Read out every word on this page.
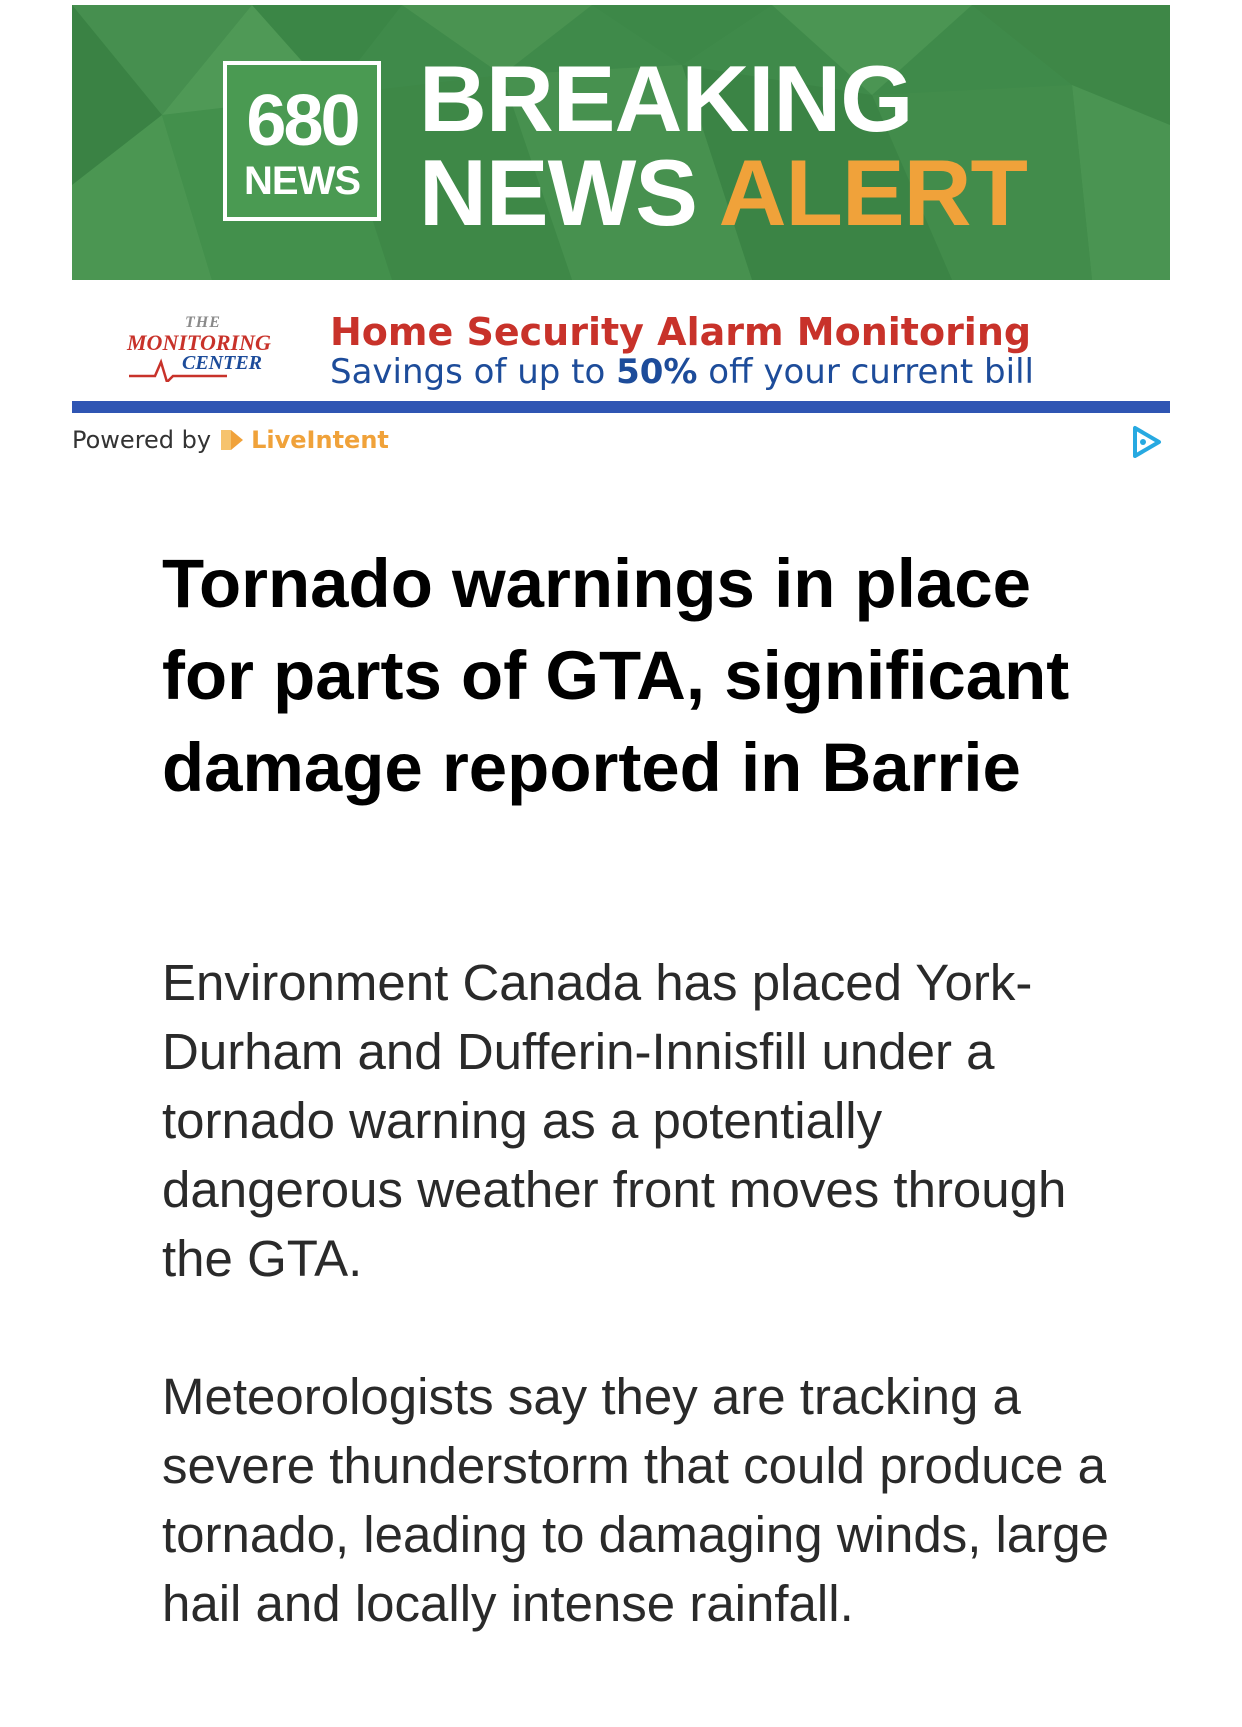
680
NEWS
BREAKING
NEWS ALERT
THE
MONITORING
CENTER
Home Security Alarm Monitoring
Savings of up to 50% off your current bill
Powered by LiveIntent
Tornado warnings in place for parts of GTA, significant damage reported in Barrie

Environment Canada has placed York-Durham and Dufferin-Innisfill under a tornado warning as a potentially dangerous weather front moves through the GTA.

Meteorologists say they are tracking a severe thunderstorm that could produce a tornado, leading to damaging winds, large hail and locally intense rainfall.
